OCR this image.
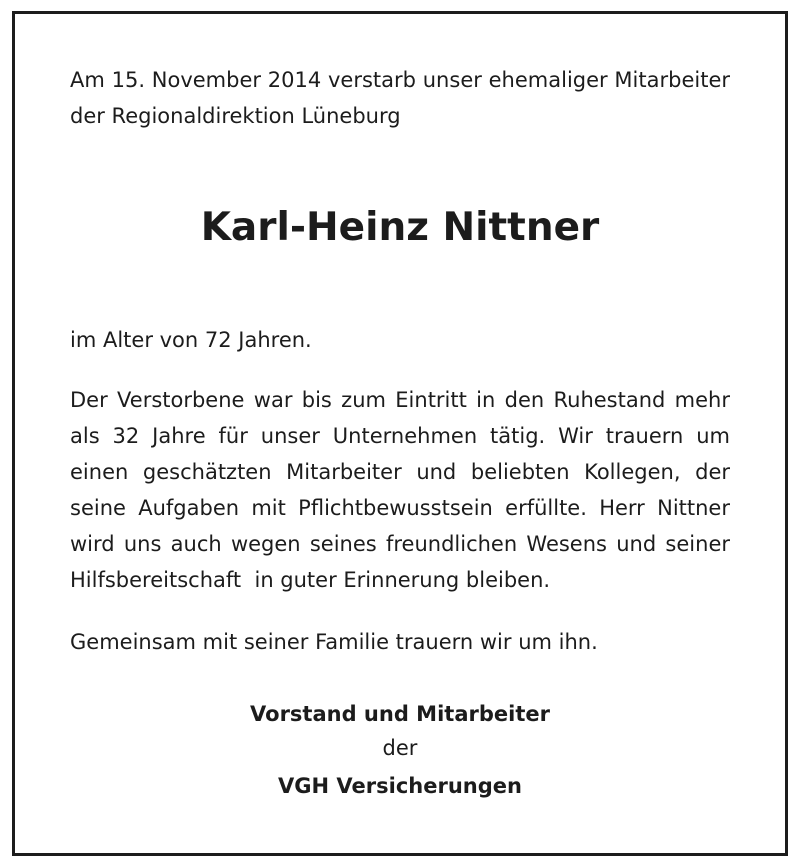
Am 15. November 2014 verstarb unser ehemaliger Mitarbeiter
der Regionaldirektion Lüneburg
Karl-Heinz Nittner
im Alter von 72 Jahren.
Der Verstorbene war bis zum Eintritt in den Ruhestand mehr
als 32 Jahre für unser Unternehmen tätig. Wir trauern um
einen geschätzten Mitarbeiter und beliebten Kollegen, der
seine Aufgaben mit Pflichtbewusstsein erfüllte. Herr Nittner
wird uns auch wegen seines freundlichen Wesens und seiner
Hilfsbereitschaft  in guter Erinnerung bleiben.
Gemeinsam mit seiner Familie trauern wir um ihn.
Vorstand und Mitarbeiter
der
VGH Versicherungen
